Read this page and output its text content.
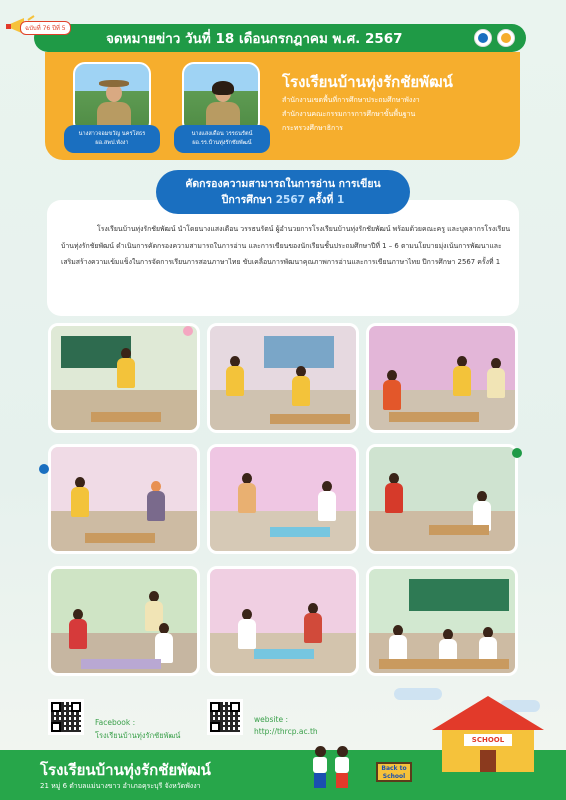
จดหมายข่าว วันที่ 18 เดือนกรกฎาคม พ.ศ. 2567
ฉบับที่ 76 ปีที่ 5
นางสาวจอมขวัญ นครโสธร
ผอ.สพป.พังงา
นางแสงเดือน วรรธนรัตน์
ผอ.รร.บ้านทุ่งรักชัยพัฒน์
โรงเรียนบ้านทุ่งรักชัยพัฒน์
สำนักงานเขตพื้นที่การศึกษาประถมศึกษาพังงา
สำนักงานคณะกรรมการการศึกษาขั้นพื้นฐาน
กระทรวงศึกษาธิการ
คัดกรองความสามารถในการอ่าน การเขียน
ปีการศึกษา 2567 ครั้งที่ 1
โรงเรียนบ้านทุ่งรักชัยพัฒน์ นำโดยนางแสงเดือน วรรธนรัตน์ ผู้อำนวยการโรงเรียนบ้านทุ่งรักชัยพัฒน์ พร้อมด้วยคณะครู และบุคลากรโรงเรียนบ้านทุ่งรักชัยพัฒน์ ดำเนินการคัดกรองความสามารถในการอ่าน และการเขียนของนักเรียนชั้นประถมศึกษาปีที่ 1 – 6 ตามนโยบายมุ่งเน้นการพัฒนาและเสริมสร้างความเข้มแข็งในการจัดการเรียนการสอนภาษาไทย ขับเคลื่อนการพัฒนาคุณภาพการอ่านและการเขียนภาษาไทย ปีการศึกษา 2567 ครั้งที่ 1
Facebook :
โรงเรียนบ้านทุ่งรักชัยพัฒน์
website :
http://thrcp.ac.th
โรงเรียนบ้านทุ่งรักชัยพัฒน์
21 หมู่ 6 ตำบลแม่นางขาว อำเภอคุระบุรี จังหวัดพังงา
Back to
School
SCHOOL
